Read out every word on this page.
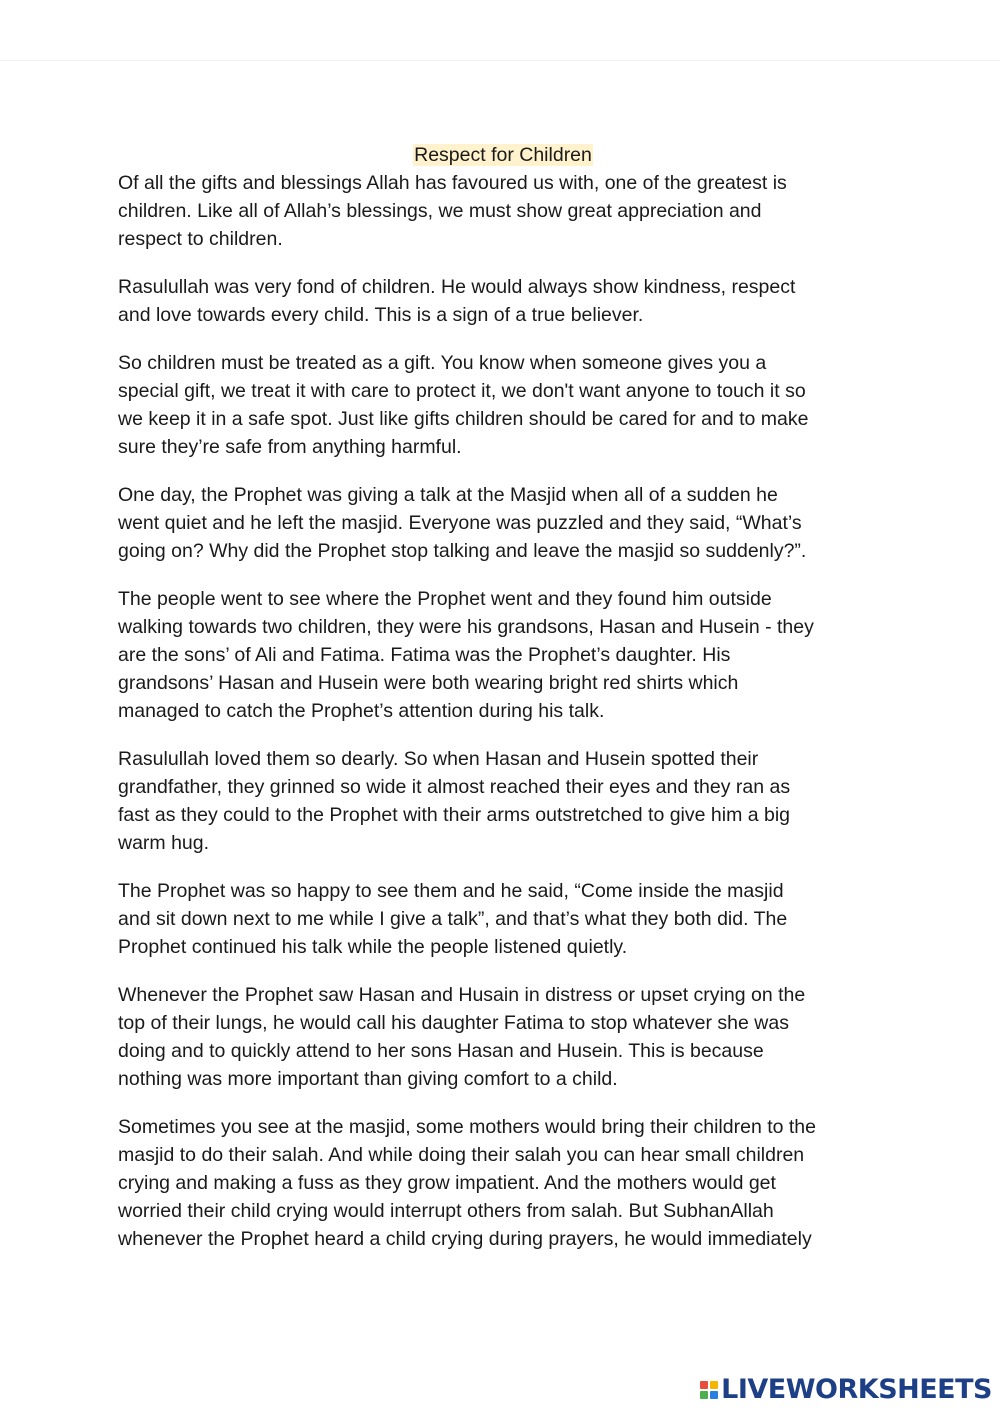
Respect for Children

Of all the gifts and blessings Allah has favoured us with, one of the greatest is
children. Like all of Allah’s blessings, we must show great appreciation and
respect to children.

Rasulullah was very fond of children. He would always show kindness, respect
and love towards every child. This is a sign of a true believer.

So children must be treated as a gift. You know when someone gives you a
special gift, we treat it with care to protect it, we don't want anyone to touch it so
we keep it in a safe spot. Just like gifts children should be cared for and to make
sure they’re safe from anything harmful.

One day, the Prophet was giving a talk at the Masjid when all of a sudden he
went quiet and he left the masjid. Everyone was puzzled and they said, “What’s
going on? Why did the Prophet stop talking and leave the masjid so suddenly?”.

The people went to see where the Prophet went and they found him outside
walking towards two children, they were his grandsons, Hasan and Husein - they
are the sons’ of Ali and Fatima. Fatima was the Prophet’s daughter. His
grandsons’ Hasan and Husein were both wearing bright red shirts which
managed to catch the Prophet’s attention during his talk.

Rasulullah loved them so dearly. So when Hasan and Husein spotted their
grandfather, they grinned so wide it almost reached their eyes and they ran as
fast as they could to the Prophet with their arms outstretched to give him a big
warm hug.

The Prophet was so happy to see them and he said, “Come inside the masjid
and sit down next to me while I give a talk”, and that’s what they both did. The
Prophet continued his talk while the people listened quietly.

Whenever the Prophet saw Hasan and Husain in distress or upset crying on the
top of their lungs, he would call his daughter Fatima to stop whatever she was
doing and to quickly attend to her sons Hasan and Husein. This is because
nothing was more important than giving comfort to a child.

Sometimes you see at the masjid, some mothers would bring their children to the
masjid to do their salah. And while doing their salah you can hear small children
crying and making a fuss as they grow impatient. And the mothers would get
worried their child crying would interrupt others from salah. But SubhanAllah
whenever the Prophet heard a child crying during prayers, he would immediately

LIVEWORKSHEETS
